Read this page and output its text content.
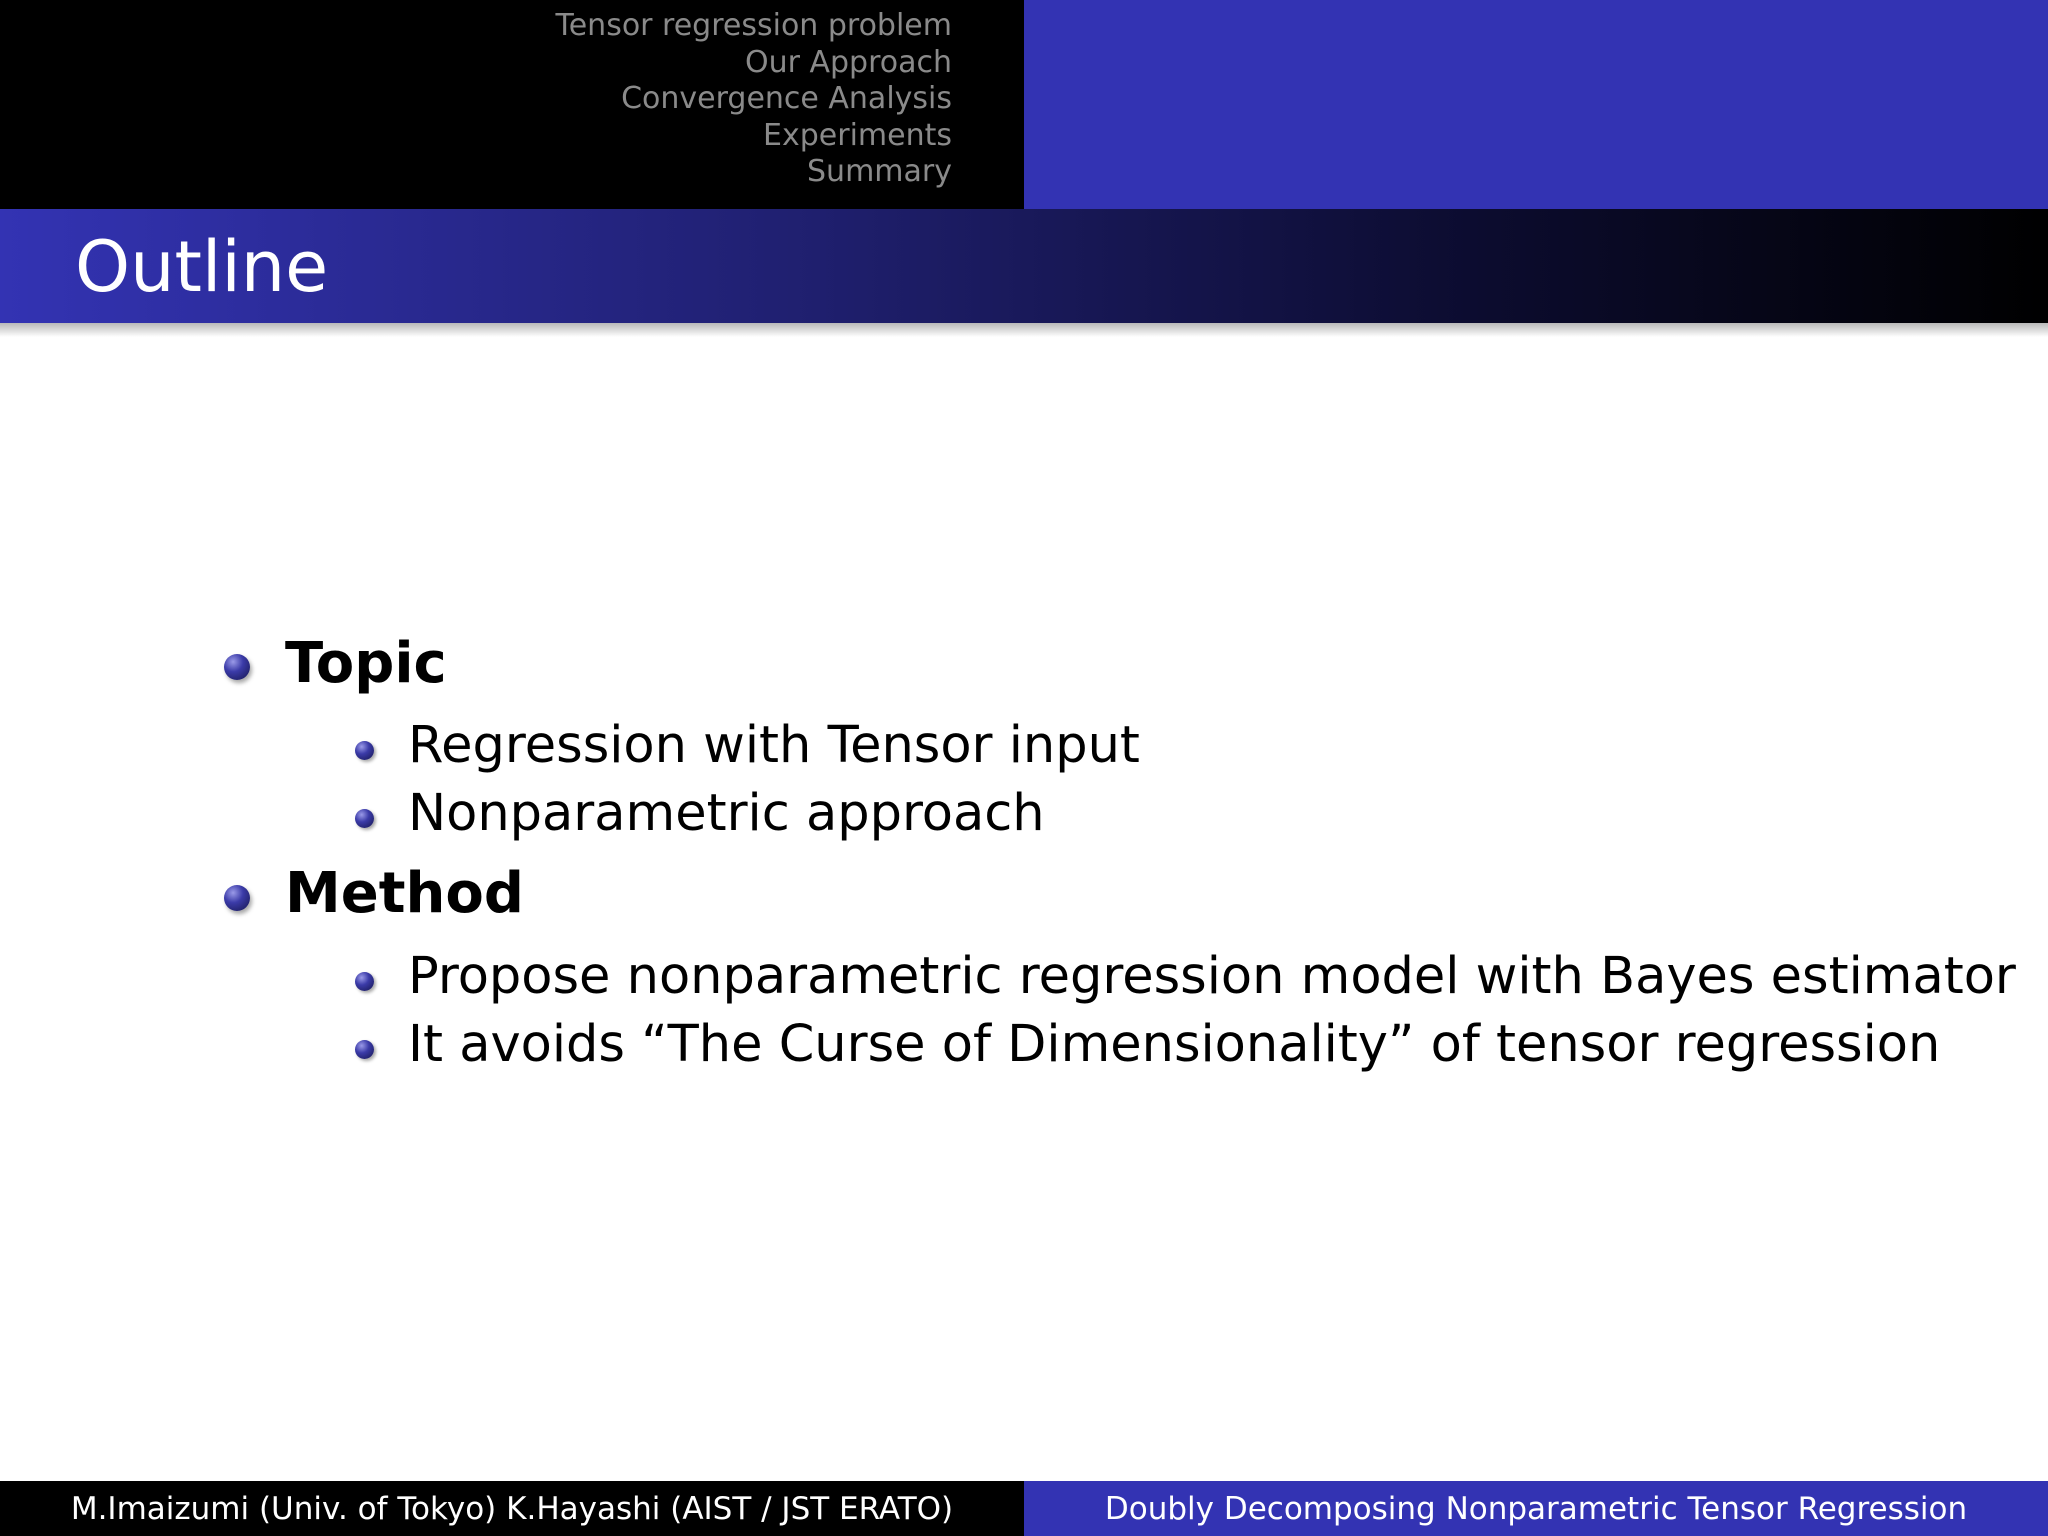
Tensor regression problem
Our Approach
Convergence Analysis
Experiments
Summary
Outline
Topic
Regression with Tensor input
Nonparametric approach
Method
Propose nonparametric regression model with Bayes estimator
It avoids “The Curse of Dimensionality” of tensor regression
M.Imaizumi (Univ. of Tokyo) K.Hayashi (AIST / JST ERATO)	Doubly Decomposing Nonparametric Tensor Regression
